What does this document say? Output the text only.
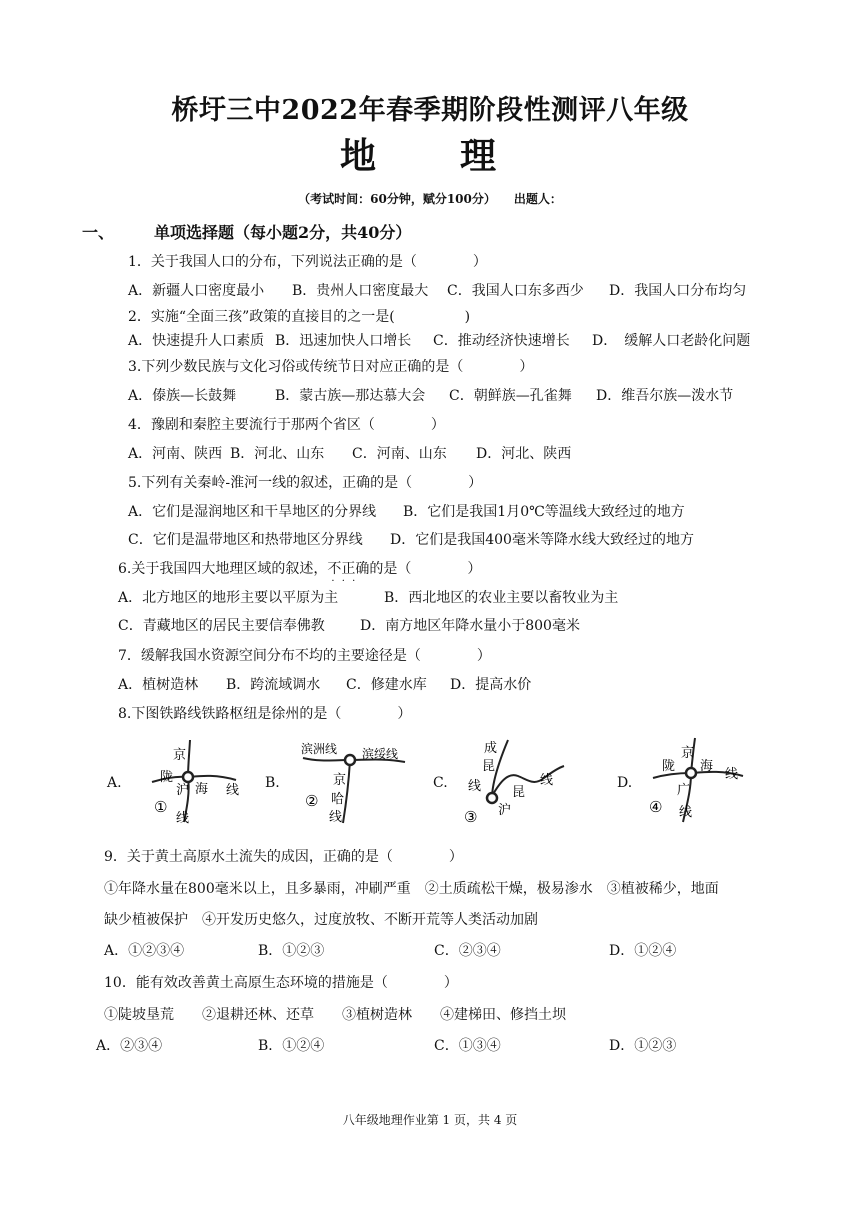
桥圩三中2022年春季期阶段性测评八年级
地　理
（考试时间：60分钟，赋分100分）　　出题人：
一、	单项选择题（每小题2分，共40分）
1．关于我国人口的分布，下列说法正确的是（　　　　）
A．新疆人口密度最小 B．贵州人口密度最大 C．我国人口东多西少 D．我国人口分布均匀
2．实施“全面三孩”政策的直接目的之一是(　　　　　)
A．快速提升人口素质 B．迅速加快人口增长 C．推动经济快速增长 D．　缓解人口老龄化问题
3.下列少数民族与文化习俗或传统节日对应正确的是（　　　　）
A．傣族—长鼓舞	B．蒙古族—那达慕大会 C．朝鲜族—孔雀舞 D．维吾尔族—泼水节
4．豫剧和秦腔主要流行于那两个省区（　　　　）
A．河南、陕西 B．河北、山东 C．河南、山东 D．河北、陕西
5.下列有关秦岭-淮河一线的叙述，正确的是（　　　　）
A．它们是湿润地区和干旱地区的分界线 B．它们是我国1月0℃等温线大致经过的地方
C．它们是温带地区和热带地区分界线 D．它们是我国400毫米等降水线大致经过的地方
6.关于我国四大地理区域的叙述，不正确 · · ·的是（　　　　）
A．北方地区的地形主要以平原为主	B．西北地区的农业主要以畜牧业为主
C．青藏地区的居民主要信奉佛教	D．南方地区年降水量小于800毫米
7．缓解我国水资源空间分布不均的主要途径是（　　　　）
A．植树造林 B．跨流域调水 C．修建水库 D．提高水价
8.下图铁路线铁路枢纽是徐州的是（　　　　）
A.	B.	C.	D.
京
陇
沪 海 线
线
①
滨洲线 滨绥线
京
哈
线
②
成
昆
线 昆
线
沪
③
京
陇 海
线
广
线
④
9．关于黄土高原水土流失的成因，正确的是（　　　　）
①年降水量在800毫米以上，且多暴雨，冲刷严重　②土质疏松干燥，极易渗水　③植被稀少，地面
缺少植被保护　④开发历史悠久，过度放牧、不断开荒等人类活动加剧
A．①②③④	B．①②③	C．②③④	D．①②④
10．能有效改善黄土高原生态环境的措施是（　　　　）
①陡坡垦荒　　②退耕还林、还草　　③植树造林　　④建梯田、修挡土坝
A．②③④	B．①②④	C．①③④	D．①②③
八年级地理作业第 1 页，共 4 页
